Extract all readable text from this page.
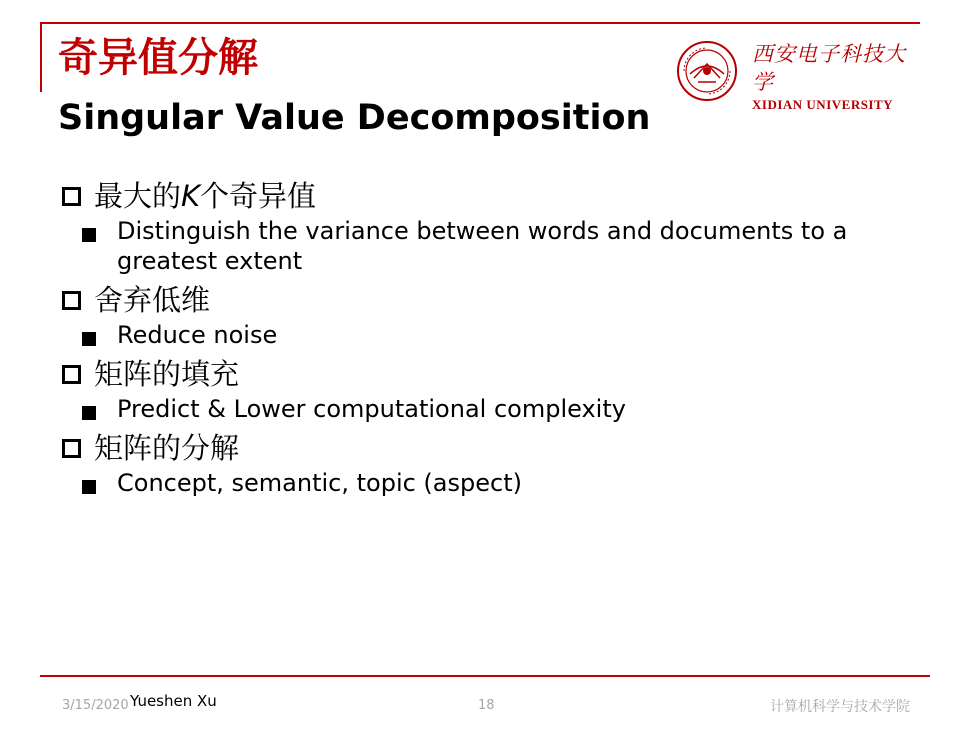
奇异值分解
Singular Value Decomposition
西安电子科技大学
XIDIAN UNIVERSITY
最大的K个奇异值
Distinguish the variance between words and documents to a greatest extent
舍弃低维
Reduce noise
矩阵的填充
Predict & Lower computational complexity
矩阵的分解
Concept, semantic, topic (aspect)
3/15/2020 Yueshen Xu	18	计算机科学与技术学院
